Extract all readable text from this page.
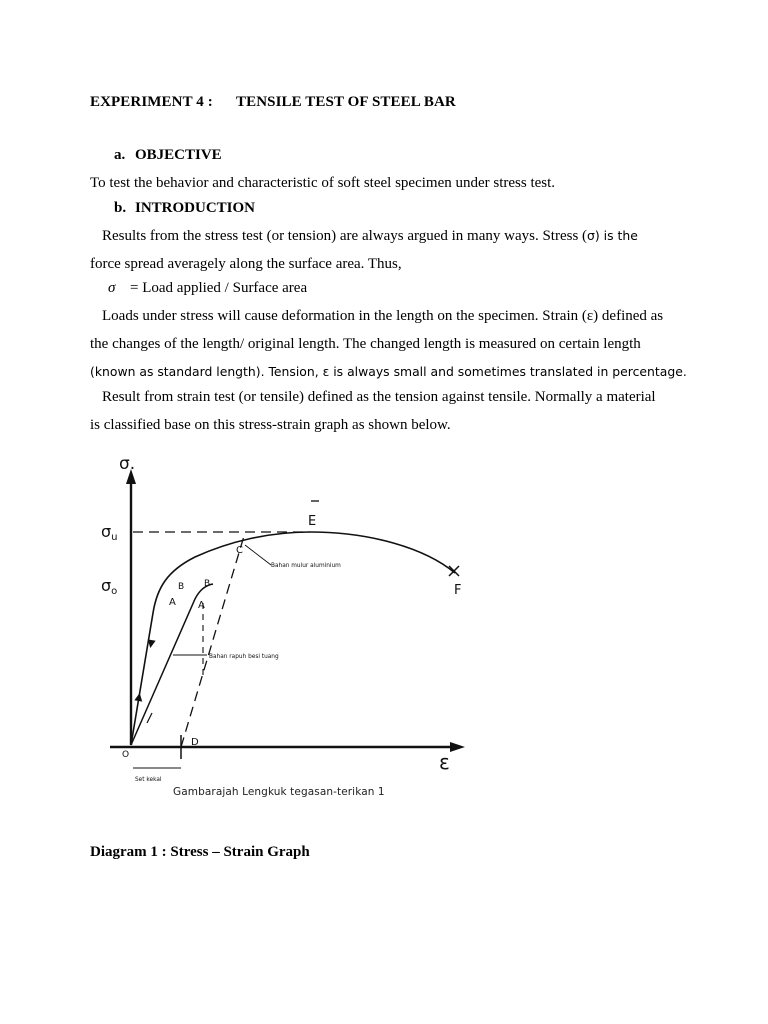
EXPERIMENT 4 : TENSILE TEST OF STEEL BAR
a. OBJECTIVE

To test the behavior and characteristic of soft steel specimen under stress test.

b. INTRODUCTION

Results from the stress test (or tension) are always argued in many ways. Stress (σ) is the

force spread averagely along the surface area. Thus,

σ = Load applied / Surface area

Loads under stress will cause deformation in the length on the specimen. Strain (ε) defined as

the changes of the length/ original length. The changed length is measured on certain length

(known as standard length). Tension, ε is always small and sometimes translated in percentage.

Result from strain test (or tensile) defined as the tension against tensile. Normally a material

is classified base on this stress-strain graph as shown below.

σ.
ε
σu
σo
E
C
F
B
A
B
A
O
D
Bahan mulur aluminium
Bahan rapuh besi tuang
Set kekal
Gambarajah Lengkuk tegasan-terikan 1
Diagram 1 : Stress – Strain Graph
